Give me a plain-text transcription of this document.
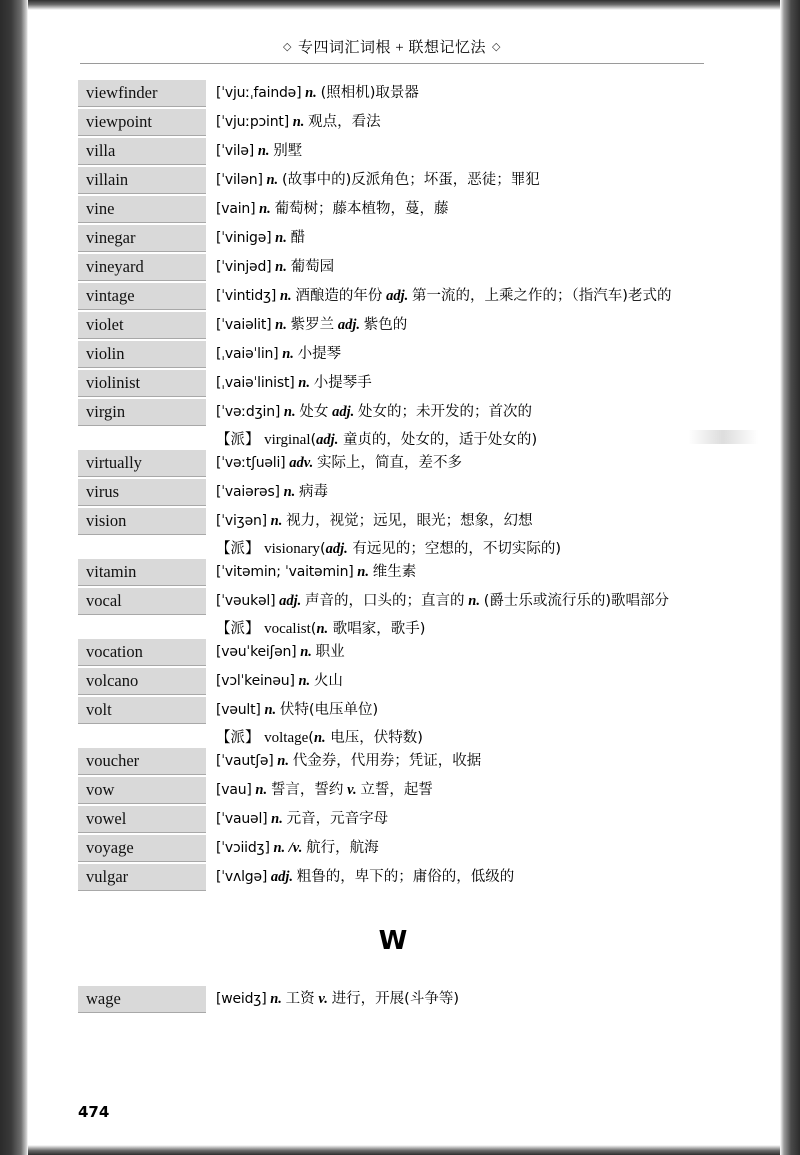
◇ 专四词汇词根 + 联想记忆法 ◇
viewfinder	[ˈvjuːˌfaində] n. (照相机)取景器
viewpoint	[ˈvjuːpɔint] n. 观点，看法
villa	[ˈvilə] n. 别墅
villain	[ˈvilən] n. (故事中的)反派角色；坏蛋，恶徒；罪犯
vine	[vain] n. 葡萄树；藤本植物，蔓，藤
vinegar	[ˈvinigə] n. 醋
vineyard	[ˈvinjəd] n. 葡萄园
vintage	[ˈvintidʒ] n. 酒酿造的年份 adj. 第一流的，上乘之作的；（指汽车)老式的
violet	[ˈvaiəlit] n. 紫罗兰 adj. 紫色的
violin	[ˌvaiəˈlin] n. 小提琴
violinist	[ˌvaiəˈlinist] n. 小提琴手
virgin	[ˈvəːdʒin] n. 处女 adj. 处女的；未开发的；首次的
【派】 virginal(adj. 童贞的，处女的，适于处女的)
virtually	[ˈvəːtʃuəli] adv. 实际上，简直，差不多
virus	[ˈvaiərəs] n. 病毒
vision	[ˈviʒən] n. 视力，视觉；远见，眼光；想象，幻想
【派】 visionary(adj. 有远见的；空想的，不切实际的)
vitamin	[ˈvitəmin; ˈvaitəmin] n. 维生素
vocal	[ˈvəukəl] adj. 声音的，口头的；直言的 n. (爵士乐或流行乐的)歌唱部分
【派】 vocalist(n. 歌唱家，歌手)
vocation	[vəuˈkeiʃən] n. 职业
volcano	[vɔlˈkeinəu] n. 火山
volt	[vəult] n. 伏特(电压单位)
【派】 voltage(n. 电压，伏特数)
voucher	[ˈvautʃə] n. 代金券，代用券；凭证，收据
vow	[vau] n. 誓言，誓约 v. 立誓，起誓
vowel	[ˈvauəl] n. 元音，元音字母
voyage	[ˈvɔiidʒ] n. /v. 航行，航海
vulgar	[ˈvʌlgə] adj. 粗鲁的，卑下的；庸俗的，低级的
W
wage	[weidʒ] n. 工资 v. 进行，开展(斗争等)
474
